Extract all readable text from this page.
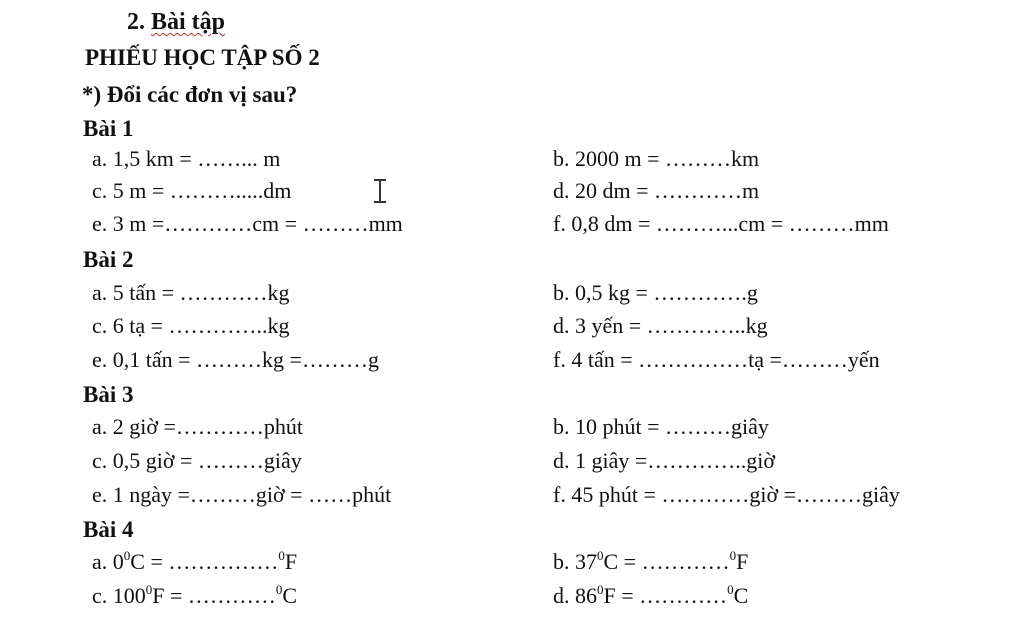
2. Bài tập
PHIẾU HỌC TẬP SỐ 2
*) Đổi các đơn vị sau?
Bài 1
a. 1,5 km = ……... m	b. 2000 m = ………km
c. 5 m = ……….....dm	d. 20 dm = …………m
e. 3 m =…………cm = ………mm	f. 0,8 dm = ………...cm = ………mm
Bài 2
a. 5 tấn = …………kg	b. 0,5 kg = ………….g
c. 6 tạ = …………..kg	d. 3 yến = …………..kg
e. 0,1 tấn = ………kg =………g	f. 4 tấn = ……………tạ =………yến
Bài 3
a. 2 giờ =…………phút	b. 10 phút = ………giây
c. 0,5 giờ = ………giây	d. 1 giây =…………..giờ
e. 1 ngày =………giờ = ……phút	f. 45 phút = …………giờ =………giây
Bài 4
a. $0^0C$ = ……………$^0$F	b. $37^0C$ = …………$^0$F
c. $100^0F$ = …………$^0$C	d. $86^0F$ = …………$^0$C
